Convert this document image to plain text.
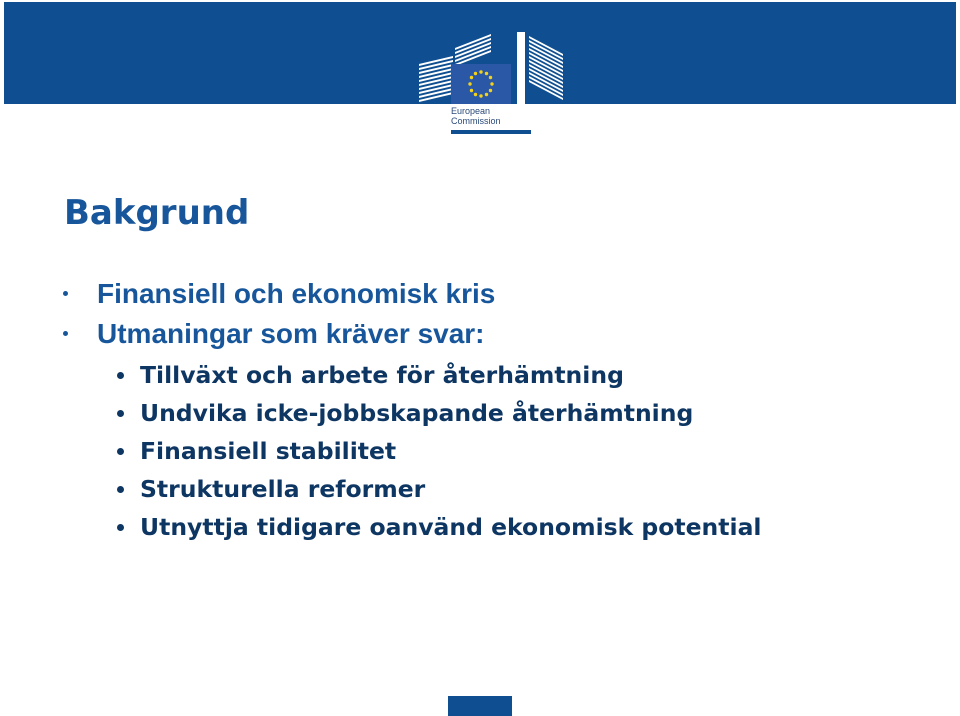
European
Commission
Bakgrund
Finansiell och ekonomisk kris
Utmaningar som kräver svar:
Tillväxt och arbete för återhämtning
Undvika icke-jobbskapande återhämtning
Finansiell stabilitet
Strukturella reformer
Utnyttja tidigare oanvänd ekonomisk potential
